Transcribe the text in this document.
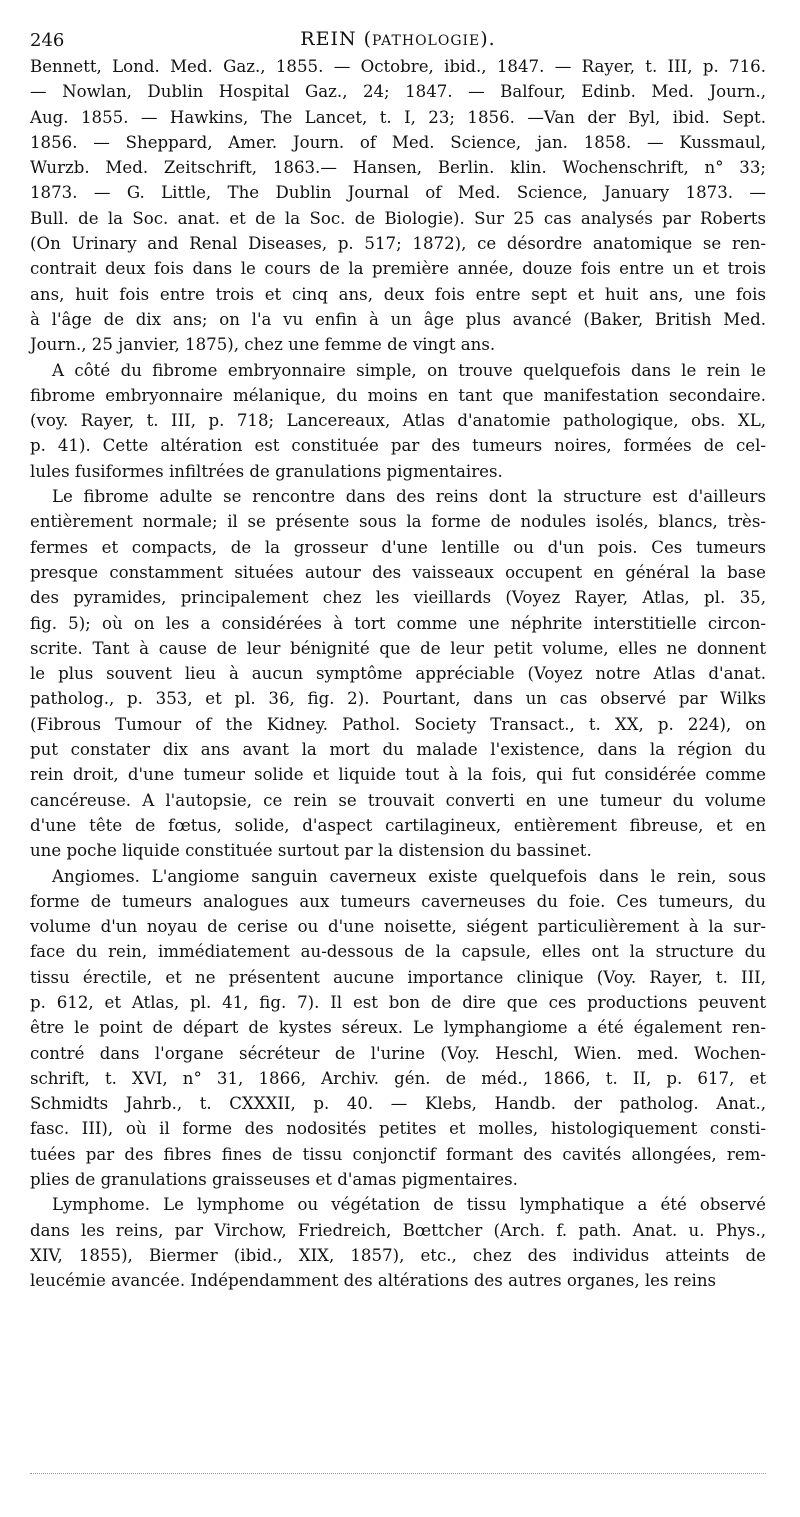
246	REIN (PATHOLOGIE).
Bennett, Lond. Med. Gaz., 1855. — Octobre, ibid., 1847. — Rayer, t. III, p. 716.
— Nowlan, Dublin Hospital Gaz., 24; 1847. — Balfour, Edinb. Med. Journ.,
Aug. 1855. — Hawkins, The Lancet, t. I, 23; 1856. —Van der Byl, ibid. Sept.
1856. — Sheppard, Amer. Journ. of Med. Science, jan. 1858. — Kussmaul,
Wurzb. Med. Zeitschrift, 1863.— Hansen, Berlin. klin. Wochenschrift, n° 33;
1873. — G. Little, The Dublin Journal of Med. Science, January 1873. —
Bull. de la Soc. anat. et de la Soc. de Biologie). Sur 25 cas analysés par Roberts
(On Urinary and Renal Diseases, p. 517; 1872), ce désordre anatomique se ren-
contrait deux fois dans le cours de la première année, douze fois entre un et trois
ans, huit fois entre trois et cinq ans, deux fois entre sept et huit ans, une fois
à l'âge de dix ans; on l'a vu enfin à un âge plus avancé (Baker, British Med.
Journ., 25 janvier, 1875), chez une femme de vingt ans.
A côté du fibrome embryonnaire simple, on trouve quelquefois dans le rein le
fibrome embryonnaire mélanique, du moins en tant que manifestation secondaire.
(voy. Rayer, t. III, p. 718; Lancereaux, Atlas d'anatomie pathologique, obs. XL,
p. 41). Cette altération est constituée par des tumeurs noires, formées de cel-
lules fusiformes infiltrées de granulations pigmentaires.
Le fibrome adulte se rencontre dans des reins dont la structure est d'ailleurs
entièrement normale; il se présente sous la forme de nodules isolés, blancs, très-
fermes et compacts, de la grosseur d'une lentille ou d'un pois. Ces tumeurs
presque constamment situées autour des vaisseaux occupent en général la base
des pyramides, principalement chez les vieillards (Voyez Rayer, Atlas, pl. 35,
fig. 5); où on les a considérées à tort comme une néphrite interstitielle circon-
scrite. Tant à cause de leur bénignité que de leur petit volume, elles ne donnent
le plus souvent lieu à aucun symptôme appréciable (Voyez notre Atlas d'anat.
patholog., p. 353, et pl. 36, fig. 2). Pourtant, dans un cas observé par Wilks
(Fibrous Tumour of the Kidney. Pathol. Society Transact., t. XX, p. 224), on
put constater dix ans avant la mort du malade l'existence, dans la région du
rein droit, d'une tumeur solide et liquide tout à la fois, qui fut considérée comme
cancéreuse. A l'autopsie, ce rein se trouvait converti en une tumeur du volume
d'une tête de fœtus, solide, d'aspect cartilagineux, entièrement fibreuse, et en
une poche liquide constituée surtout par la distension du bassinet.
Angiomes. L'angiome sanguin caverneux existe quelquefois dans le rein, sous
forme de tumeurs analogues aux tumeurs caverneuses du foie. Ces tumeurs, du
volume d'un noyau de cerise ou d'une noisette, siégent particulièrement à la sur-
face du rein, immédiatement au-dessous de la capsule, elles ont la structure du
tissu érectile, et ne présentent aucune importance clinique (Voy. Rayer, t. III,
p. 612, et Atlas, pl. 41, fig. 7). Il est bon de dire que ces productions peuvent
être le point de départ de kystes séreux. Le lymphangiome a été également ren-
contré dans l'organe sécréteur de l'urine (Voy. Heschl, Wien. med. Wochen-
schrift, t. XVI, n° 31, 1866, Archiv. gén. de méd., 1866, t. II, p. 617, et
Schmidts Jahrb., t. CXXXII, p. 40. — Klebs, Handb. der patholog. Anat.,
fasc. III), où il forme des nodosités petites et molles, histologiquement consti-
tuées par des fibres fines de tissu conjonctif formant des cavités allongées, rem-
plies de granulations graisseuses et d'amas pigmentaires.
Lymphome. Le lymphome ou végétation de tissu lymphatique a été observé
dans les reins, par Virchow, Friedreich, Bœttcher (Arch. f. path. Anat. u. Phys.,
XIV, 1855), Biermer (ibid., XIX, 1857), etc., chez des individus atteints de
leucémie avancée. Indépendamment des altérations des autres organes, les reins
